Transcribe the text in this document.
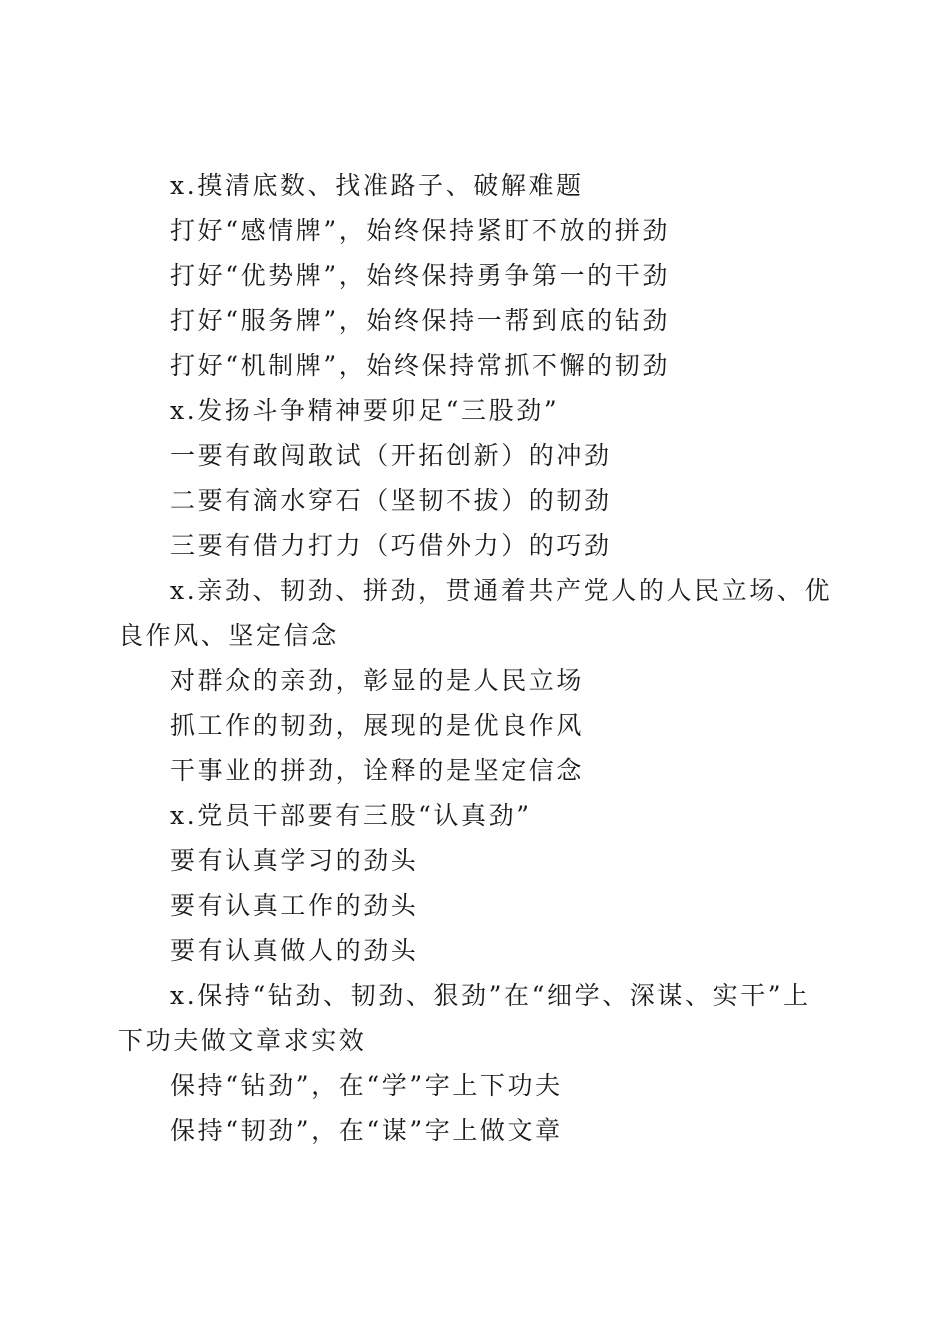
x.摸清底数、找准路子、破解难题

打好“感情牌”，始终保持紧盯不放的拼劲

打好“优势牌”，始终保持勇争第一的干劲

打好“服务牌”，始终保持一帮到底的钻劲

打好“机制牌”，始终保持常抓不懈的韧劲

x.发扬斗争精神要卯足“三股劲”

一要有敢闯敢试（开拓创新）的冲劲

二要有滴水穿石（坚韧不拔）的韧劲

三要有借力打力（巧借外力）的巧劲

x.亲劲、韧劲、拼劲，贯通着共产党人的人民立场、优良作风、坚定信念

对群众的亲劲，彰显的是人民立场

抓工作的韧劲，展现的是优良作风

干事业的拼劲，诠释的是坚定信念

x.党员干部要有三股“认真劲”

要有认真学习的劲头

要有认真工作的劲头

要有认真做人的劲头

x.保持“钻劲、韧劲、狠劲”在“细学、深谋、实干”上下功夫做文章求实效

保持“钻劲”，在“学”字上下功夫

保持“韧劲”，在“谋”字上做文章
